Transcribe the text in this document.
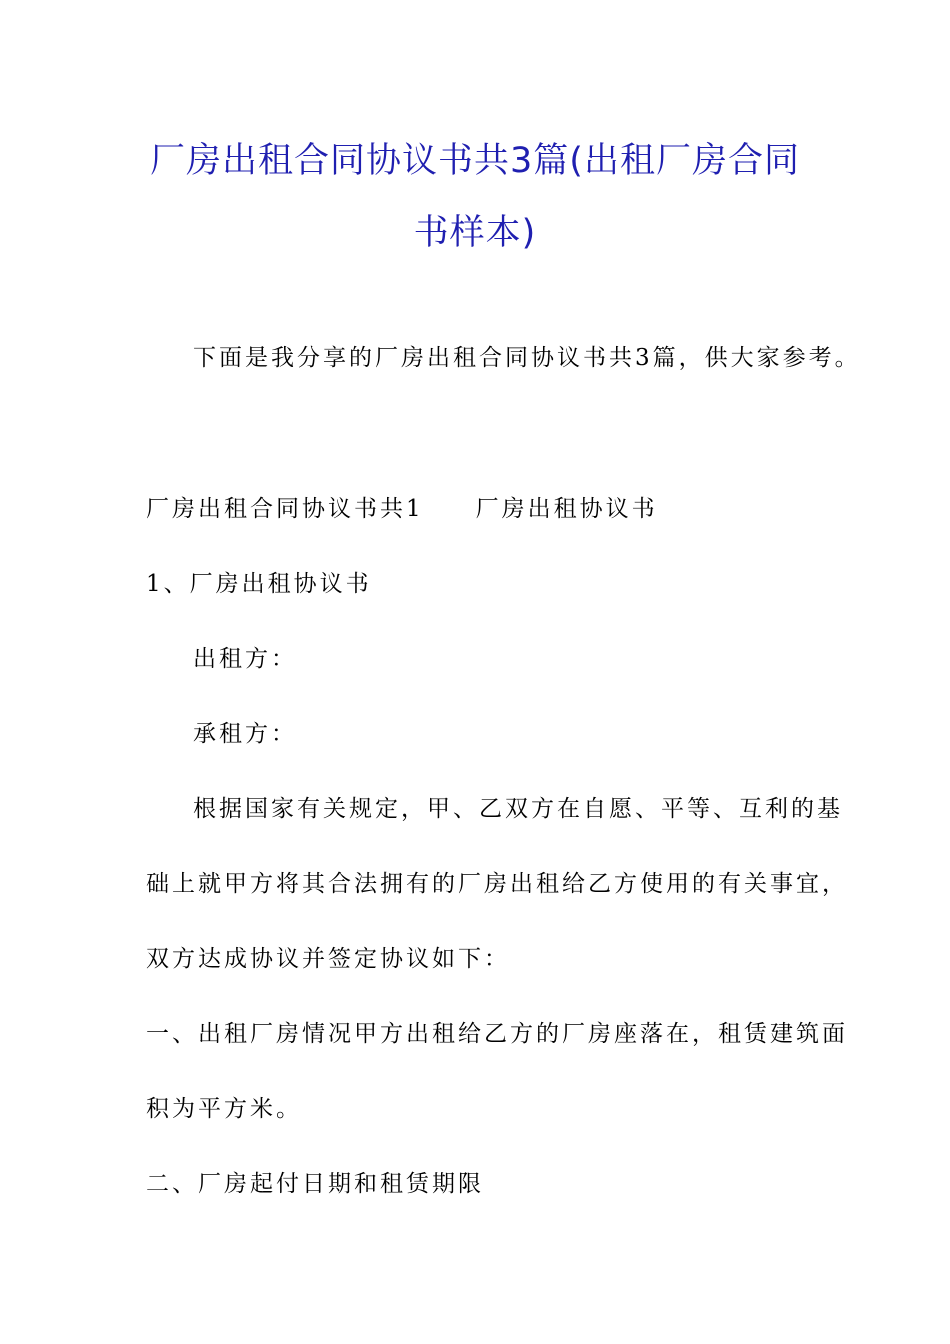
厂房出租合同协议书共3篇(出租厂房合同
书样本)
下面是我分享的厂房出租合同协议书共3篇，供大家参考。
厂房出租合同协议书共1　　厂房出租协议书
1、厂房出租协议书
出租方：
承租方：
根据国家有关规定，甲、乙双方在自愿、平等、互利的基
础上就甲方将其合法拥有的厂房出租给乙方使用的有关事宜，
双方达成协议并签定协议如下：
一、出租厂房情况甲方出租给乙方的厂房座落在，租赁建筑面
积为平方米。
二、厂房起付日期和租赁期限
